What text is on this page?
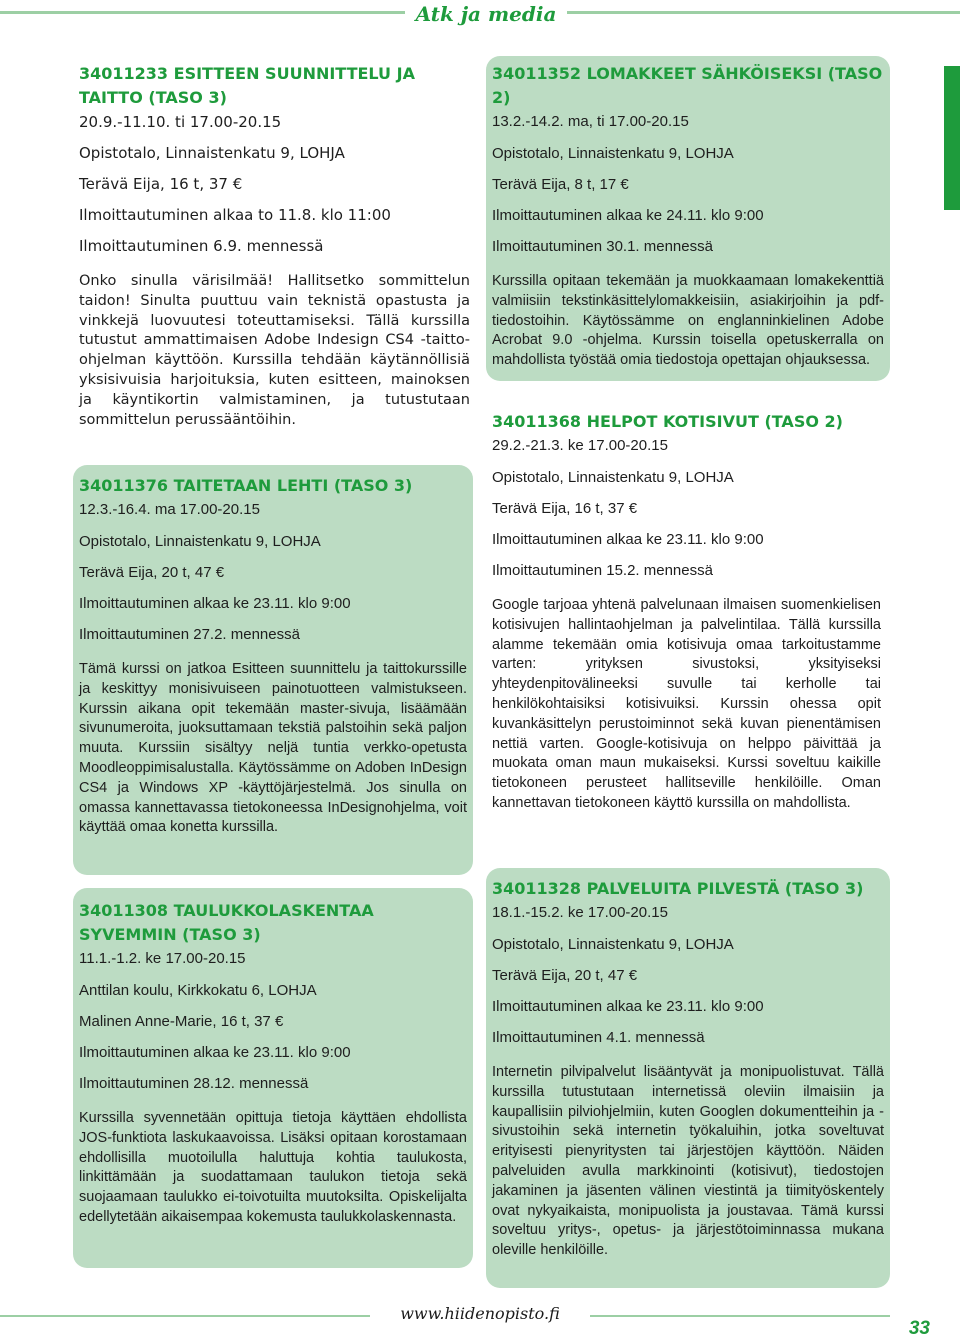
Atk ja media
34011233 ESITTEEN SUUNNITTELU JA TAITTO (TASO 3)
20.9.-11.10. ti 17.00-20.15
Opistotalo, Linnaistenkatu 9, LOHJA
Terävä Eija, 16 t, 37 €
Ilmoittautuminen alkaa to 11.8. klo 11:00
Ilmoittautuminen 6.9. mennessä

Onko sinulla värisilmää! Hallitsetko sommittelun taidon! Sinulta puuttuu vain teknistä opastusta ja vinkkejä luovuutesi toteuttamiseksi. Tällä kurssilla tutustut ammattimaisen Adobe Indesign CS4 -taittoohjelman käyttöön. Kurssilla tehdään käytännöllisiä yksisivuisia harjoituksia, kuten esitteen, mainoksen ja käyntikortin valmistaminen, ja tutustutaan sommittelun perussääntöihin.

34011376 TAITETAAN LEHTI (TASO 3)
12.3.-16.4. ma 17.00-20.15
Opistotalo, Linnaistenkatu 9, LOHJA
Terävä Eija, 20 t, 47 €
Ilmoittautuminen alkaa ke 23.11. klo 9:00
Ilmoittautuminen 27.2. mennessä

Tämä kurssi on jatkoa Esitteen suunnittelu ja taittokurssille ja keskittyy monisivuiseen painotuotteen valmistukseen. Kurssin aikana opit tekemään master-sivuja, lisäämään sivunumeroita, juoksuttamaan tekstiä palstoihin sekä paljon muuta. Kurssiin sisältyy neljä tuntia verkko-opetusta Moodleoppimisalustalla. Käytössämme on Adoben InDesign CS4 ja Windows XP -käyttöjärjestelmä. Jos sinulla on omassa kannettavassa tietokoneessa InDesignohjelma, voit käyttää omaa konetta kurssilla.

34011308 TAULUKKOLASKENTAA SYVEMMIN (TASO 3)
11.1.-1.2. ke 17.00-20.15
Anttilan koulu, Kirkkokatu 6, LOHJA
Malinen Anne-Marie, 16 t, 37 €
Ilmoittautuminen alkaa ke 23.11. klo 9:00
Ilmoittautuminen 28.12. mennessä

Kurssilla syvennetään opittuja tietoja käyttäen ehdollista JOS-funktiota laskukaavoissa. Lisäksi opitaan korostamaan ehdollisilla muotoilulla haluttuja kohtia taulukosta, linkittämään ja suodattamaan taulukon tietoja sekä suojaamaan taulukko ei-toivotuilta muutoksilta. Opiskelijalta edellytetään aikaisempaa kokemusta taulukkolaskennasta.

34011352 LOMAKKEET SÄHKÖISEKSI (TASO 2)
13.2.-14.2. ma, ti 17.00-20.15
Opistotalo, Linnaistenkatu 9, LOHJA
Terävä Eija, 8 t, 17 €
Ilmoittautuminen alkaa ke 24.11. klo 9:00
Ilmoittautuminen 30.1. mennessä

Kurssilla opitaan tekemään ja muokkaamaan lomakekenttiä valmiisiin tekstinkäsittelylomakkeisiin, asiakirjoihin ja pdf-tiedostoihin. Käytössämme on englanninkielinen Adobe Acrobat 9.0 -ohjelma. Kurssin toisella opetuskerralla on mahdollista työstää omia tiedostoja opettajan ohjauksessa.

34011368 HELPOT KOTISIVUT (TASO 2)
29.2.-21.3. ke 17.00-20.15
Opistotalo, Linnaistenkatu 9, LOHJA
Terävä Eija, 16 t, 37 €
Ilmoittautuminen alkaa ke 23.11. klo 9:00
Ilmoittautuminen 15.2. mennessä

Google tarjoaa yhtenä palvelunaan ilmaisen suomenkielisen kotisivujen hallintaohjelman ja palvelintilaa. Tällä kurssilla alamme tekemään omia kotisivuja omaa tarkoitustamme varten: yrityksen sivustoksi, yksityiseksi yhteydenpitovälineeksi suvulle tai kerholle tai henkilökohtaisiksi kotisivuiksi. Kurssin ohessa opit kuvankäsittelyn perustoiminnot sekä kuvan pienentämisen nettiä varten. Google-kotisivuja on helppo päivittää ja muokata oman maun mukaiseksi. Kurssi soveltuu kaikille tietokoneen perusteet hallitseville henkilöille. Oman kannettavan tietokoneen käyttö kurssilla on mahdollista.

34011328 PALVELUITA PILVESTÄ (TASO 3)
18.1.-15.2. ke 17.00-20.15
Opistotalo, Linnaistenkatu 9, LOHJA
Terävä Eija, 20 t, 47 €
Ilmoittautuminen alkaa ke 23.11. klo 9:00
Ilmoittautuminen 4.1. mennessä

Internetin pilvipalvelut lisääntyvät ja monipuolistuvat. Tällä kurssilla tutustutaan internetissä oleviin ilmaisiin ja kaupallisiin pilviohjelmiin, kuten Googlen dokumentteihin ja -sivustoihin sekä internetin työkaluihin, jotka soveltuvat erityisesti pienyritysten tai järjestöjen käyttöön. Näiden palveluiden avulla markkinointi (kotisivut), tiedostojen jakaminen ja jäsenten välinen viestintä ja tiimityöskentely ovat nykyaikaista, monipuolista ja joustavaa. Tämä kurssi soveltuu yritys-, opetus- ja järjestötoiminnassa mukana oleville henkilöille.

www.hiidenopisto.fi
33
